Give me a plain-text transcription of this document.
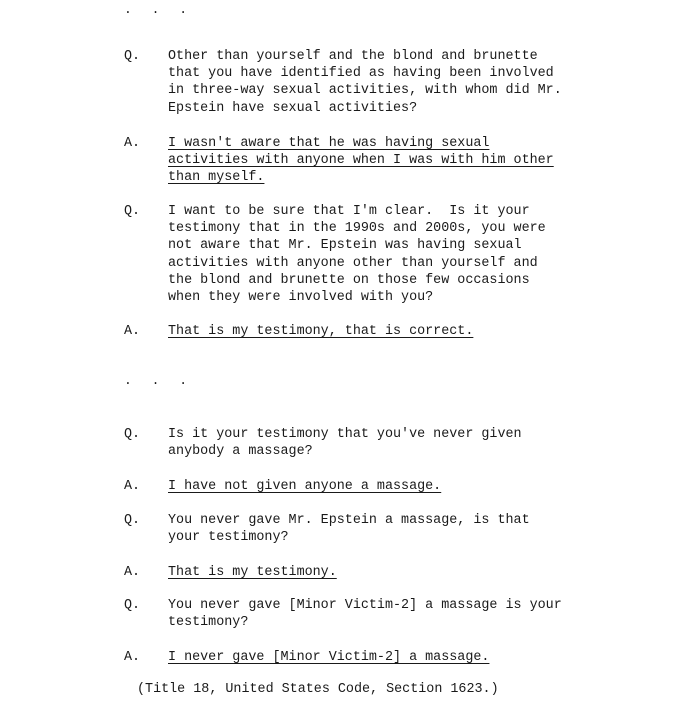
. . .
Q. Other than yourself and the blond and brunette
that you have identified as having been involved
in three-way sexual activities, with whom did Mr.
Epstein have sexual activities?
A. I wasn't aware that he was having sexual
activities with anyone when I was with him other
than myself.
Q. I want to be sure that I'm clear.  Is it your
testimony that in the 1990s and 2000s, you were
not aware that Mr. Epstein was having sexual
activities with anyone other than yourself and
the blond and brunette on those few occasions
when they were involved with you?
A. That is my testimony, that is correct.
. . .
Q. Is it your testimony that you've never given
anybody a massage?
A. I have not given anyone a massage.
Q. You never gave Mr. Epstein a massage, is that
your testimony?
A. That is my testimony.
Q. You never gave [Minor Victim-2] a massage is your
testimony?
A. I never gave [Minor Victim-2] a massage.
(Title 18, United States Code, Section 1623.)
